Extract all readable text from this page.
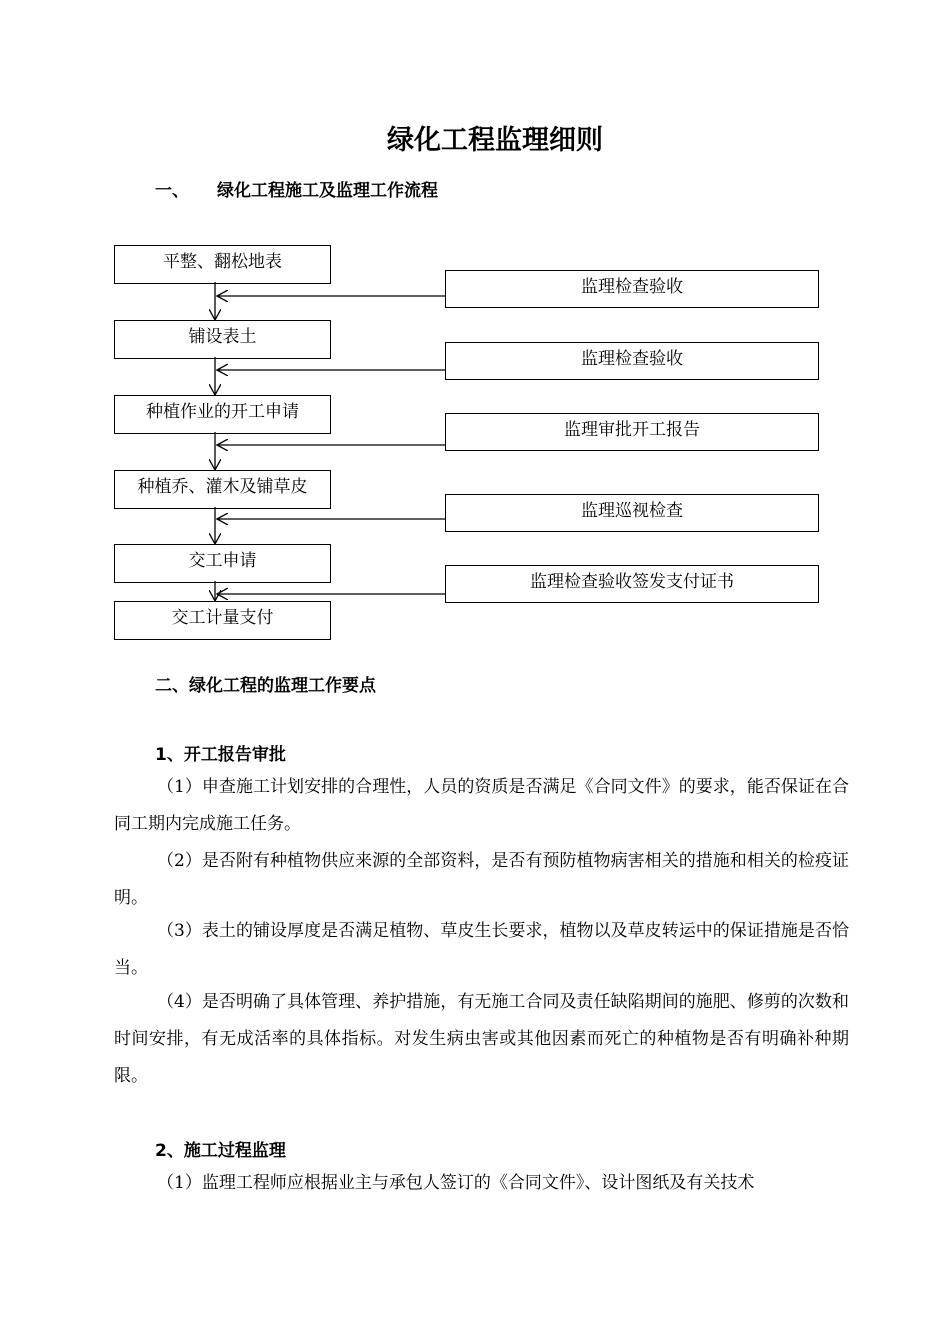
绿化工程监理细则
一、 绿化工程施工及监理工作流程
平整、翻松地表
铺设表土
种植作业的开工申请
种植乔、灌木及铺草皮
交工申请
交工计量支付
监理检查验收
监理检查验收
监理审批开工报告
监理巡视检查
监理检查验收签发支付证书
二、绿化工程的监理工作要点
1、开工报告审批

（1）申查施工计划安排的合理性，人员的资质是否满足《合同文件》的要求，能否保证在合同工期内完成施工任务。

（2）是否附有种植物供应来源的全部资料，是否有预防植物病害相关的措施和相关的检疫证明。

（3）表土的铺设厚度是否满足植物、草皮生长要求，植物以及草皮转运中的保证措施是否恰当。

（4）是否明确了具体管理、养护措施，有无施工合同及责任缺陷期间的施肥、修剪的次数和时间安排，有无成活率的具体指标。对发生病虫害或其他因素而死亡的种植物是否有明确补种期限。

2、施工过程监理

（1）监理工程师应根据业主与承包人签订的《合同文件》、设计图纸及有关技术
